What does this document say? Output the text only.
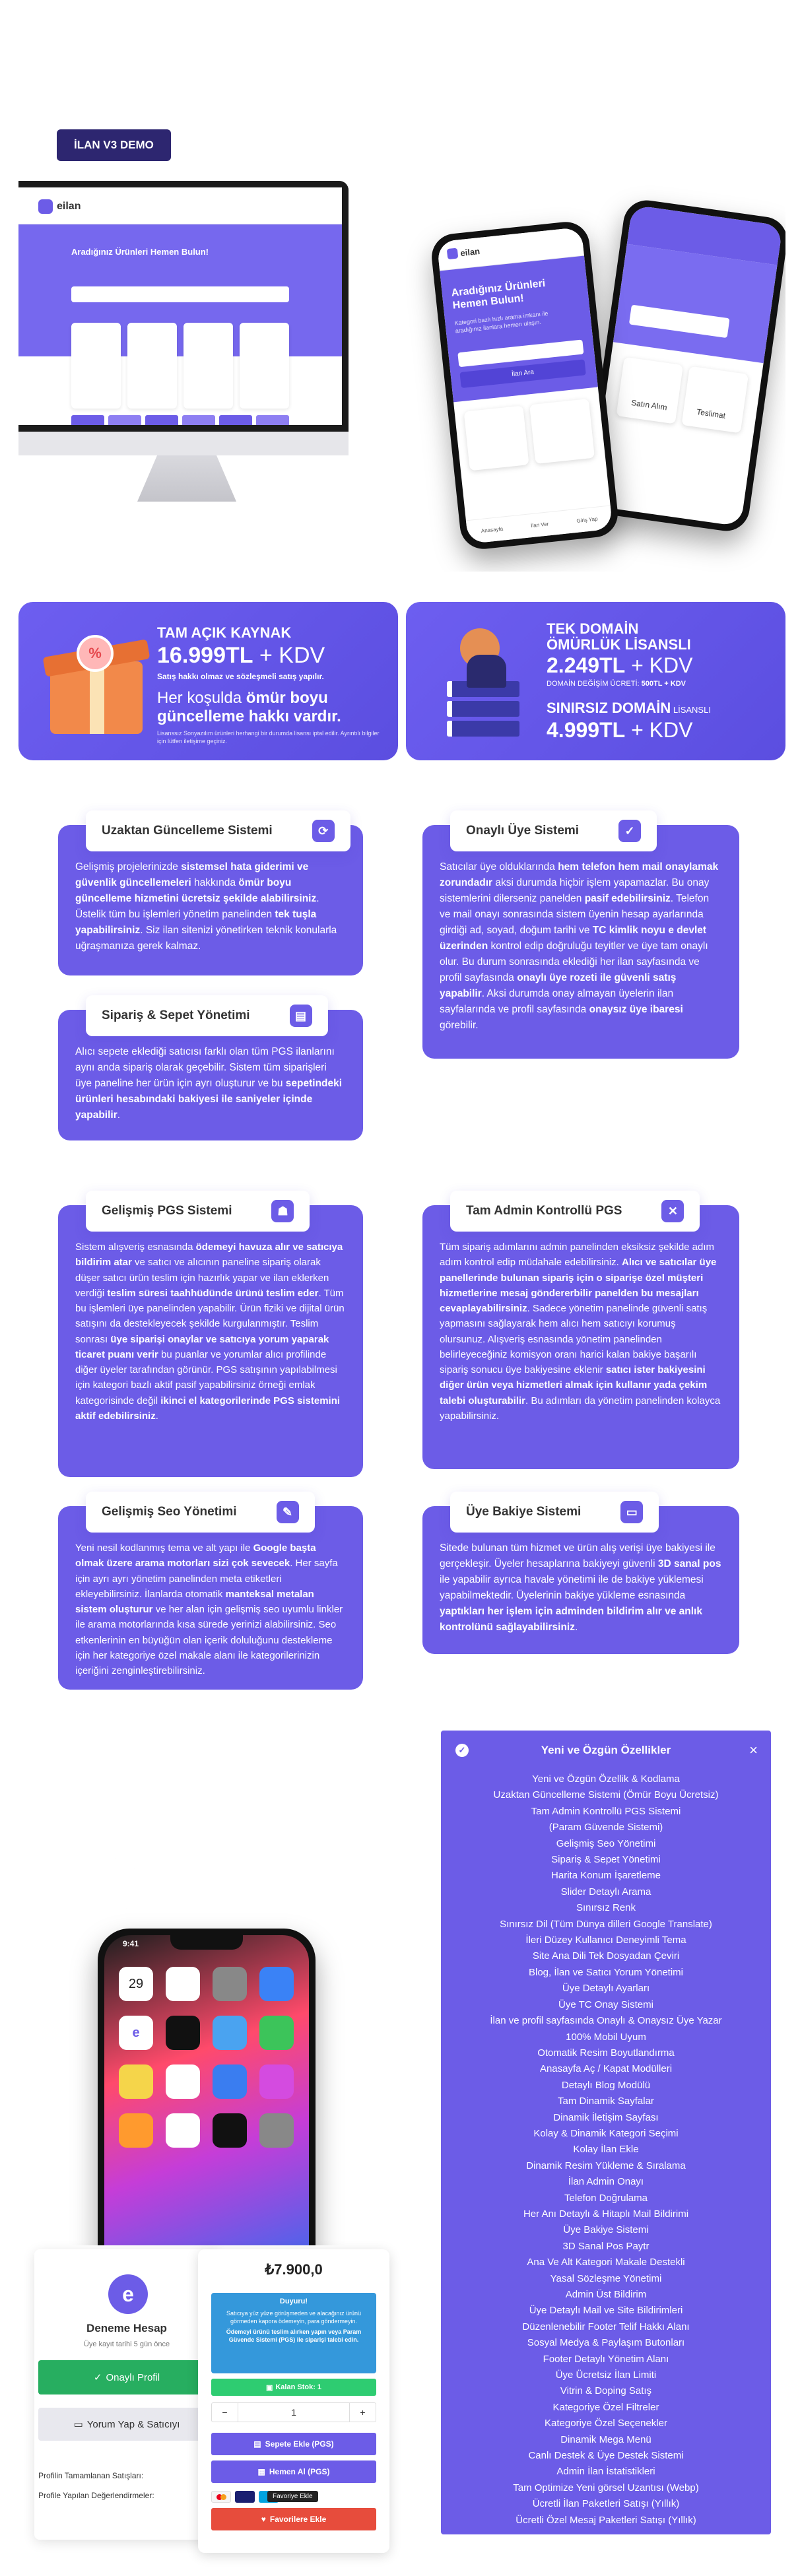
Yeni ve Gelişmiş Özelliklerle
İlan V3 Çıktı!
İLAN V3 DEMO
eilan
Aradığınız Ürünleri Hemen Bulun!
En Son Teknoloji ile
Özenle Kodlanan Gelişmiş
İlan V3 ile Tek Başınıza
Devasa Projeler Yönetin!
sonyazılım
Güvencesiyle
Satın Alım
Teslimat
eilan
Aradığınız Ürünleri Hemen Bulun!
Kategori bazlı hızlı arama imkanı ile aradığınız ilanlara hemen ulaşın.
İlan Ara
Anasayfa
İlan Ver
Giriş Yap
%
TAM AÇIK KAYNAK
16.999TL + KDV
Satış hakkı olmaz ve sözleşmeli satış yapılır.
Her koşulda ömür boyu
güncelleme hakkı vardır.
Lisanssız Sonyazılım ürünleri herhangi bir durumda lisansı iptal edilir. Ayrıntılı bilgiler için lütfen iletişime geçiniz.
TEK DOMAİN
ÖMÜRLÜK LİSANSLI
2.249TL + KDV
DOMAİN DEĞİŞİM ÜCRETİ: 500TL + KDV
SINIRSIZ DOMAİN LİSANSLI
4.999TL + KDV
Uzaktan Güncelleme Sistemi	⟳
Gelişmiş projelerinizde sistemsel hata giderimi ve güvenlik güncellemeleri hakkında ömür boyu güncelleme hizmetini ücretsiz şekilde alabilirsiniz. Üstelik tüm bu işlemleri yönetim panelinden tek tuşla yapabilirsiniz. Siz ilan sitenizi yönetirken teknik konularla uğraşmanıza gerek kalmaz.
Onaylı Üye Sistemi	✓
Satıcılar üye olduklarında hem telefon hem mail onaylamak zorundadır aksi durumda hiçbir işlem yapamazlar. Bu onay sistemlerini dilerseniz panelden pasif edebilirsiniz. Telefon ve mail onayı sonrasında sistem üyenin hesap ayarlarında girdiği ad, soyad, doğum tarihi ve TC kimlik noyu e devlet üzerinden kontrol edip doğruluğu teyitler ve üye tam onaylı olur. Bu durum sonrasında eklediği her ilan sayfasında ve profil sayfasında onaylı üye rozeti ile güvenli satış yapabilir. Aksi durumda onay almayan üyelerin ilan sayfalarında ve profil sayfasında onaysız üye ibaresi görebilir.
Sipariş & Sepet Yönetimi	▤
Alıcı sepete eklediği satıcısı farklı olan tüm PGS ilanlarını aynı anda sipariş olarak geçebilir. Sistem tüm siparişleri üye paneline her ürün için ayrı oluşturur ve bu sepetindeki ürünleri hesabındaki bakiyesi ile saniyeler içinde yapabilir.
Gelişmiş PGS Sistemi	☗
Sistem alışveriş esnasında ödemeyi havuza alır ve satıcıya bildirim atar ve satıcı ve alıcının paneline sipariş olarak düşer satıcı ürün teslim için hazırlık yapar ve ilan eklerken verdiği teslim süresi taahhüdünde ürünü teslim eder. Tüm bu işlemleri üye panelinden yapabilir. Ürün fiziki ve dijital ürün satışını da destekleyecek şekilde kurgulanmıştır. Teslim sonrası üye siparişi onaylar ve satıcıya yorum yaparak ticaret puanı verir bu puanlar ve yorumlar alıcı profilinde diğer üyeler tarafından görünür. PGS satışının yapılabilmesi için kategori bazlı aktif pasif yapabilirsiniz örneği emlak kategorisinde değil ikinci el kategorilerinde PGS sistemini aktif edebilirsiniz.
Tam Admin Kontrollü PGS	✕
Tüm sipariş adımlarını admin panelinden eksiksiz şekilde adım adım kontrol edip müdahale edebilirsiniz. Alıcı ve satıcılar üye panellerinde bulunan sipariş için o siparişe özel müşteri hizmetlerine mesaj göndererbilir panelden bu mesajları cevaplayabilirsiniz. Sadece yönetim panelinde güvenli satış yapmasını sağlayarak hem alıcı hem satıcıyı korumuş olursunuz. Alışveriş esnasında yönetim panelinden belirleyeceğiniz komisyon oranı harici kalan bakiye başarılı sipariş sonucu üye bakiyesine eklenir satıcı ister bakiyesini diğer ürün veya hizmetleri almak için kullanır yada çekim talebi oluşturabilir. Bu adımları da yönetim panelinden kolayca yapabilirsiniz.
Gelişmiş Seo Yönetimi	✎
Yeni nesil kodlanmış tema ve alt yapı ile Google başta olmak üzere arama motorları sizi çok sevecek. Her sayfa için ayrı ayrı yönetim panelinden meta etiketleri ekleyebilirsiniz. İlanlarda otomatik manteksal metalan sistem oluşturur ve her alan için gelişmiş seo uyumlu linkler ile arama motorlarında kısa sürede yerinizi alabilirsiniz. Seo etkenlerinin en büyüğün olan içerik doluluğunu destekleme için her kategoriye özel makale alanı ile kategorilerinizin içeriğini zenginleştirebilirsiniz.
Üye Bakiye Sistemi	▭
Sitede bulunan tüm hizmet ve ürün alış verişi üye bakiyesi ile gerçekleşir. Üyeler hesaplarına bakiyeyi güvenli 3D sanal pos ile yapabilir ayrıca havale yönetimi ile de bakiye yüklemesi yapabilmektedir. Üyelerinin bakiye yükleme esnasında yaptıkları her işlem için adminden bildirim alır ve anlık kontrolünü sağlayabilirsiniz.
Google'ın desteklediği
yeni nesil PWA sistemiyle
Her platforma uygun
uygulama ücretsiz entegre!
iPhone iPad android
9:41
29
e
✓	Yeni ve Özgün Özellikler	×
Yeni ve Özgün Özellik & Kodlama
Uzaktan Güncelleme Sistemi (Ömür Boyu Ücretsiz)
Tam Admin Kontrollü PGS Sistemi
(Param Güvende Sistemi)
Gelişmiş Seo Yönetimi
Sipariş & Sepet Yönetimi
Harita Konum İşaretleme
Slider Detaylı Arama
Sınırsız Renk
Sınırsız Dil (Tüm Dünya dilleri Google Translate)
İleri Düzey Kullanıcı Deneyimli Tema
Site Ana Dili Tek Dosyadan Çeviri
Blog, İlan ve Satıcı Yorum Yönetimi
Üye Detaylı Ayarları
Üye TC Onay Sistemi
İlan ve profil sayfasında Onaylı & Onaysız Üye Yazar
100% Mobil Uyum
Otomatik Resim Boyutlandırma
Anasayfa Aç / Kapat Modülleri
Detaylı Blog Modülü
Tam Dinamik Sayfalar
Dinamik İletişim Sayfası
Kolay & Dinamik Kategori Seçimi
Kolay İlan Ekle
Dinamik Resim Yükleme & Sıralama
İlan Admin Onayı
Telefon Doğrulama
Her Anı Detaylı & Hitaplı Mail Bildirimi
Üye Bakiye Sistemi
3D Sanal Pos Paytr
Ana Ve Alt Kategori Makale Destekli
Yasal Sözleşme Yönetimi
Admin Üst Bildirim
Üye Detaylı Mail ve Site Bildirimleri
Düzenlenebilir Footer Telif Hakkı Alanı
Sosyal Medya & Paylaşım Butonları
Footer Detaylı Yönetim Alanı
Üye Ücretsiz İlan Limiti
Vitrin & Doping Satış
Kategoriye Özel Filtreler
Kategoriye Özel Seçenekler
Dinamik Mega Menü
Canlı Destek & Üye Destek Sistemi
Admin İlan İstatistikleri
Tam Optimize Yeni görsel Uzantısı (Webp)
Ücretli İlan Paketleri Satışı (Yıllık)
Ücretli Özel Mesaj Paketleri Satışı (Yıllık)
e
Deneme Hesap
Üye kayıt tarihi 5 gün önce
✓ Onaylı Profil
▭ Yorum Yap & Satıcıyı
Profilin Tamamlanan Satışları:
Profile Yapılan Değerlendirmeler:
₺7.900,0
Duyuru!
Satıcıya yüz yüze görüşmeden ve alacağınız ürünü görmeden kapora ödemeyin, para göndermeyin.
Ödemeyi ürünü teslim alırken yapın veya Param Güvende Sistemi (PGS) ile siparişi talebi edin.
▣ Kalan Stok: 1
−	1	+
▤ Sepete Ekle (PGS)
▦ Hemen Al (PGS)
Favoriye Ekle
♥ Favorilere Ekle
